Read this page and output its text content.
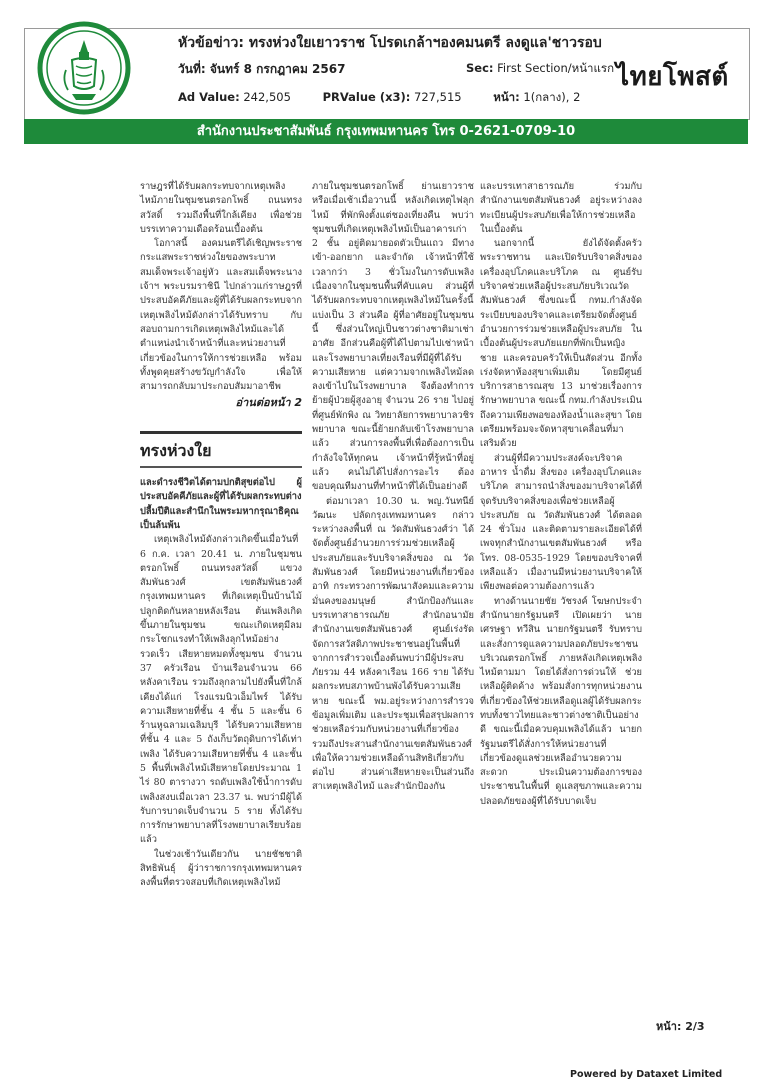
หัวข้อข่าว: ทรงห่วงใยเยาวราช โปรดเกล้าฯองคมนตรี ลงดูแล'ชาวรอบ
วันที่: จันทร์ 8 กรกฎาคม 2567	Sec: First Section/หน้าแรก
Ad Value: 242,505	PRValue (x3): 727,515	หน้า: 1(กลาง), 2
ไทยโพสต์
สำนักงานประชาสัมพันธ์ กรุงเทพมหานคร โทร 0-2621-0709-10

ราษฎรที่ได้รับผลกระทบจากเหตุเพลิงไหม้ภายในชุมชนตรอกโพธิ์ ถนนทรงสวัสดิ์ รวมถึงพื้นที่ใกล้เคียง เพื่อช่วยบรรเทาความเดือดร้อนเบื้องต้น

โอกาสนี้ องคมนตรีได้เชิญพระราชกระแสพระราชห่วงใยของพระบาทสมเด็จพระเจ้าอยู่หัว และสมเด็จพระนางเจ้าฯ พระบรมราชินี ไปกล่าวแก่ราษฎรที่ประสบอัคคีภัยและผู้ที่ได้รับผลกระทบจากเหตุเพลิงไหม้ดังกล่าวได้รับทราบ กับสอบถามการเกิดเหตุเพลิงไหม้และได้ตำแหน่งนำเจ้าหน้าที่และหน่วยงานที่เกี่ยวข้องในการให้การช่วยเหลือ พร้อมทั้งพูดคุยสร้างขวัญกำลังใจ เพื่อให้สามารถกลับมาประกอบสัมมาอาชีพ

อ่านต่อหน้า 2
ทรงห่วงใย

และดำรงชีวิตได้ตามปกติสุขต่อไป ผู้ประสบอัคคีภัยและผู้ที่ได้รับผลกระทบต่างปลื้มปีติและสำนึกในพระมหากรุณาธิคุณเป็นล้นพ้น

เหตุเพลิงไหม้ดังกล่าวเกิดขึ้นเมื่อวันที่ 6 ก.ค. เวลา 20.41 น. ภายในชุมชนตรอกโพธิ์ ถนนทรงสวัสดิ์ แขวงสัมพันธวงศ์ เขตสัมพันธวงศ์ กรุงเทพมหานคร ที่เกิดเหตุเป็นบ้านไม้ ปลูกติดกันหลายหลังเรือน ต้นเพลิงเกิดขึ้นภายในชุมชน ขณะเกิดเหตุมีลมกระโชกแรงทำให้เพลิงลุกไหม้อย่างรวดเร็ว เสียหายหมดทั้งชุมชน จำนวน 37 ครัวเรือน บ้านเรือนจำนวน 66 หลังคาเรือน รวมถึงลุกลามไปยังพื้นที่ใกล้เคียงได้แก่ โรงแรมนิวเอ็มไพร์ ได้รับความเสียหายที่ชั้น 4 ชั้น 5 และชั้น 6 ร้านหูฉลามเฉลิมบุรี ได้รับความเสียหายที่ชั้น 4 และ 5 ถังเก็บวัตถุดิบการได้เท่าเพลิง ได้รับความเสียหายที่ชั้น 4 และชั้น 5 พื้นที่เพลิงไหม้เสียหายโดยประมาณ 1 ไร่ 80 ตารางวา รถดับเพลิงใช้น้ำการดับเพลิงสงบเมื่อเวลา 23.37 น. พบว่ามีผู้ได้รับการบาดเจ็บจำนวน 5 ราย ทั้งได้รับการรักษาพยาบาลที่โรงพยาบาลเรียบร้อยแล้ว

ในช่วงเช้าวันเดียวกัน นายชัชชาติ สิทธิพันธุ์ ผู้ว่าราชการกรุงเทพมหานคร ลงพื้นที่ตรวจสอบที่เกิดเหตุเพลิงไหม้

ภายในชุมชนตรอกโพธิ์ ย่านเยาวราช หรือเมื่อเช้าเมื่อวานนี้ หลังเกิดเหตุไฟลุกไหม้ ที่พักพิงตั้งแต่ชองเที่ยงคืน พบว่าชุมชนที่เกิดเหตุเพลิงไหม้เป็นอาคารเก่า 2 ชั้น อยู่ติดมายอดตัวเป็นแถว มีทางเข้า-ออกยาก และจำกัด เจ้าหน้าที่ใช้เวลากว่า 3 ชั่วโมงในการดับเพลิง เนื่องจากในชุมชนพื้นที่คับแคบ ส่วนผู้ที่ได้รับผลกระทบจากเหตุเพลิงไหม้ในครั้งนี้แบ่งเป็น 3 ส่วนคือ ผู้ที่อาศัยอยู่ในชุมชนนี้ ซึ่งส่วนใหญ่เป็นชาวต่างชาติมาเช่าอาศัย อีกส่วนคือผู้ที่ได้ไปตามไปเช่าหน้า และโรงพยาบาลเที่ยงเรือนที่มีผู้ที่ได้รับความเสียหาย แต่ความจากเพลิงไหม้ลดลงเข้าไปในโรงพยาบาล จึงต้องทำการย้ายผู้ป่วยผู้สูงอายุ จำนวน 26 ราย ไปอยู่ที่ศูนย์พักพิง ณ วิทยาลัยการพยาบาลวชิรพยาบาล ขณะนี้ย้ายกลับเข้าโรงพยาบาลแล้ว ส่วนการลงพื้นที่เพื่อต้องการเป็นกำลังใจให้ทุกคน เจ้าหน้าที่รู้หน้าที่อยู่แล้ว คนไม่ได้ไปสั่งการอะไร ต้องขอบคุณทีมงานที่ทำหน้าที่ได้เป็นอย่างดี

ต่อมาเวลา 10.30 น. พญ.วันทนีย์ วัฒนะ ปลัดกรุงเทพมหานคร กล่าวระหว่างลงพื้นที่ ณ วัดสัมพันธวงศ์ว่า ได้จัดตั้งศูนย์อำนวยการร่วมช่วยเหลือผู้ประสบภัยและรับบริจาคสิ่งของ ณ วัดสัมพันธวงศ์ โดยมีหน่วยงานที่เกี่ยวข้อง อาทิ กระทรวงการพัฒนาสังคมและความมั่นคงของมนุษย์ สำนักป้องกันและบรรเทาสาธารณภัย สำนักอนามัย สำนักงานเขตสัมพันธวงศ์ ศูนย์เร่งรัดจัดการสวัสดิภาพประชาชนอยู่ในพื้นที่ จากการสำรวจเบื้องต้นพบว่ามีผู้ประสบภัยรวม 44 หลังคาเรือน 166 ราย ได้รับผลกระทบสภาพบ้านพังได้รับความเสียหาย ขณะนี้ พม.อยู่ระหว่างการสำรวจข้อมูลเพิ่มเติม และประชุมเพื่อสรุปผลการช่วยเหลือร่วมกับหน่วยงานที่เกี่ยวข้อง รวมถึงประสานสำนักงานเขตสัมพันธวงศ์เพื่อให้ความช่วยเหลือด้านสิทธิเกี่ยวกับต่อไป ส่วนค่าเสียหายจะเป็นส่วนถึงสาเหตุเพลิงไหม้ และสำนักป้องกัน

และบรรเทาสาธารณภัย ร่วมกับสำนักงานเขตสัมพันธวงศ์ อยู่ระหว่างลงทะเบียนผู้ประสบภัยเพื่อให้การช่วยเหลือในเบื้องต้น

นอกจากนี้ ยังได้จัดตั้งครัวพระราชทาน และเปิดรับบริจาคสิ่งของเครื่องอุปโภคและบริโภค ณ ศูนย์รับบริจาคช่วยเหลือผู้ประสบภัยบริเวณวัดสัมพันธวงศ์ ซึ่งขณะนี้ กทม.กำลังจัดระเบียบของบริจาคและเตรียมจัดตั้งศูนย์อำนวยการร่วมช่วยเหลือผู้ประสบภัย ในเบื้องต้นผู้ประสบภัยแยกที่พักเป็นหญิง ชาย และครอบครัวให้เป็นสัดส่วน อีกทั้งเร่งจัดหาห้องสุขาเพิ่มเติม โดยมีศูนย์บริการสาธารณสุข 13 มาช่วยเรื่องการรักษาพยาบาล ขณะนี้ กทม.กำลังประเมินถึงความเพียงพอของห้องน้ำและสุขา โดยเตรียมพร้อมจะจัดหาสุขาเคลื่อนที่มาเสริมด้วย

ส่วนผู้ที่มีความประสงค์จะบริจาคอาหาร น้ำดื่ม สิ่งของ เครื่องอุปโภคและบริโภค สามารถนำสิ่งของมาบริจาคได้ที่จุดรับบริจาคสิ่งของเพื่อช่วยเหลือผู้ประสบภัย ณ วัดสัมพันธวงศ์ ได้ตลอด 24 ชั่วโมง และติดตามรายละเอียดได้ที่เพจทุกสำนักงานเขตสัมพันธวงศ์ หรือโทร. 08-0535-1929 โดยของบริจาคที่เหลือแล้ว เมื่องานมีหน่วยงานบริจาคให้เพียงพอต่อความต้องการแล้ว

ทางด้านนายชัย วัชรงค์ โฆษกประจำสำนักนายกรัฐมนตรี เปิดเผยว่า นายเศรษฐา ทวีสิน นายกรัฐมนตรี รับทราบและสั่งการดูแลความปลอดภัยประชาชนบริเวณตรอกโพธิ์ ภายหลังเกิดเหตุเพลิงไหม้ตามมา โดยได้สั่งการด่วนให้ ช่วยเหลือผู้ติดค้าง พร้อมสั่งการทุกหน่วยงานที่เกี่ยวข้องให้ช่วยเหลือดูแลผู้ได้รับผลกระทบทั้งชาวไทยและชาวต่างชาติเป็นอย่างดี ขณะนี้เมื่อควบคุมเพลิงได้แล้ว นายกรัฐมนตรีได้สั่งการให้หน่วยงานที่เกี่ยวข้องดูแลช่วยเหลืออำนวยความสะดวก ประเมินความต้องการของประชาชนในพื้นที่ ดูแลสุขภาพและความปลอดภัยของผู้ที่ได้รับบาดเจ็บ

หน้า: 2/3
Powered by Dataxet Limited
